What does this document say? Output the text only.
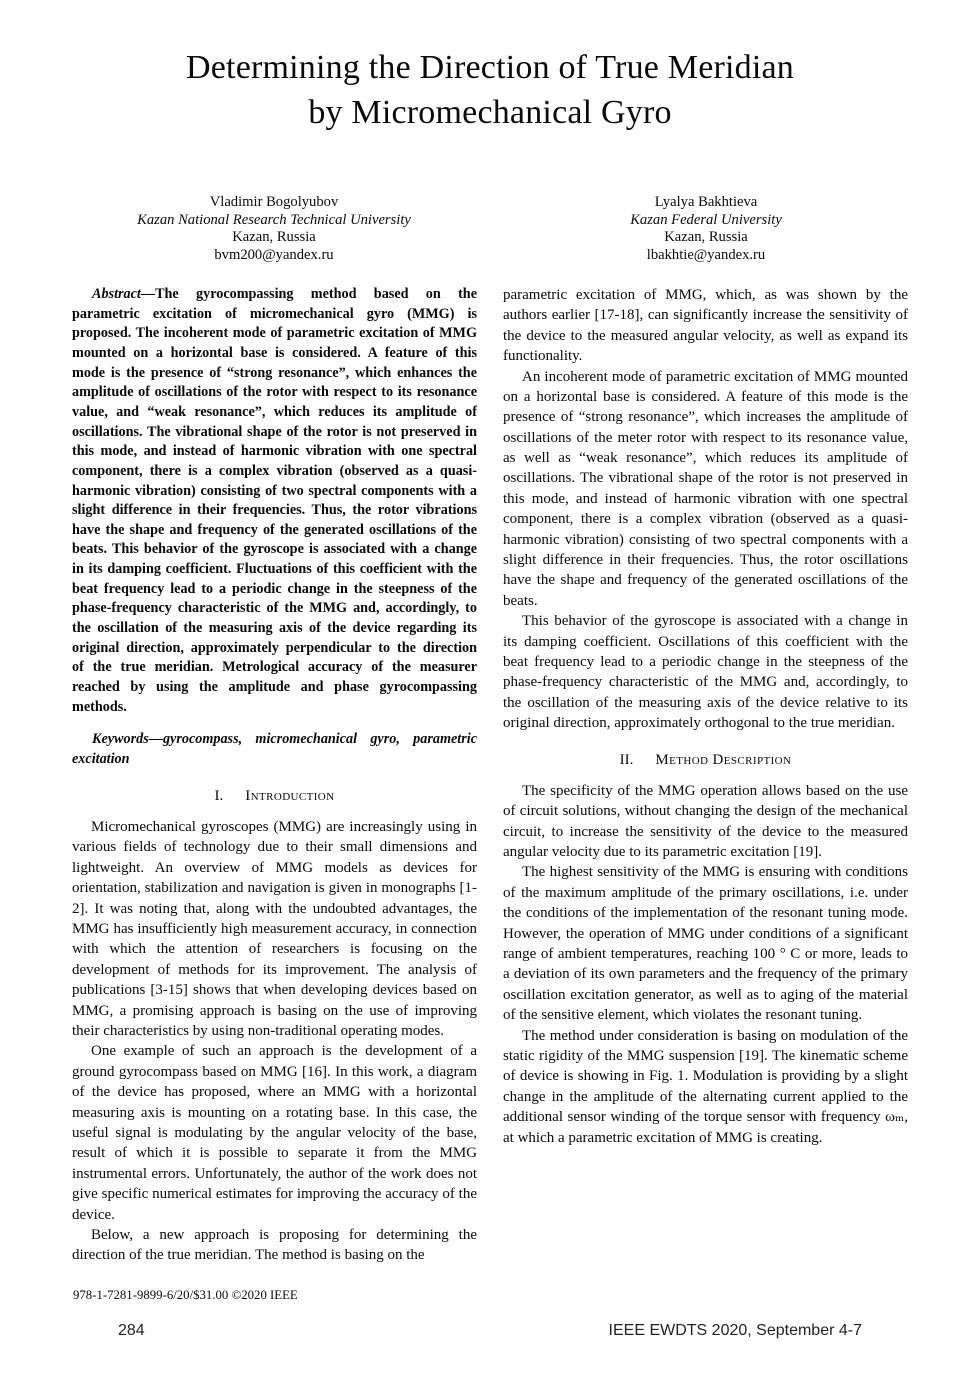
Determining the Direction of True Meridian
by Micromechanical Gyro
Vladimir Bogolyubov
Kazan National Research Technical University
Kazan, Russia
bvm200@yandex.ru
Lyalya Bakhtieva
Kazan Federal University
Kazan, Russia
lbakhtie@yandex.ru

Abstract—The gyrocompassing method based on the parametric excitation of micromechanical gyro (MMG) is proposed. The incoherent mode of parametric excitation of MMG mounted on a horizontal base is considered. A feature of this mode is the presence of “strong resonance”, which enhances the amplitude of oscillations of the rotor with respect to its resonance value, and “weak resonance”, which reduces its amplitude of oscillations. The vibrational shape of the rotor is not preserved in this mode, and instead of harmonic vibration with one spectral component, there is a complex vibration (observed as a quasi-harmonic vibration) consisting of two spectral components with a slight difference in their frequencies. Thus, the rotor vibrations have the shape and frequency of the generated oscillations of the beats. This behavior of the gyroscope is associated with a change in its damping coefficient. Fluctuations of this coefficient with the beat frequency lead to a periodic change in the steepness of the phase-frequency characteristic of the MMG and, accordingly, to the oscillation of the measuring axis of the device regarding its original direction, approximately perpendicular to the direction of the true meridian. Metrological accuracy of the measurer reached by using the amplitude and phase gyrocompassing methods.

Keywords—gyrocompass, micromechanical gyro, parametric excitation

I. Introduction

Micromechanical gyroscopes (MMG) are increasingly using in various fields of technology due to their small dimensions and lightweight. An overview of MMG models as devices for orientation, stabilization and navigation is given in monographs [1-2]. It was noting that, along with the undoubted advantages, the MMG has insufficiently high measurement accuracy, in connection with which the attention of researchers is focusing on the development of methods for its improvement. The analysis of publications [3-15] shows that when developing devices based on MMG, a promising approach is basing on the use of improving their characteristics by using non-traditional operating modes.

One example of such an approach is the development of a ground gyrocompass based on MMG [16]. In this work, a diagram of the device has proposed, where an MMG with a horizontal measuring axis is mounting on a rotating base. In this case, the useful signal is modulating by the angular velocity of the base, result of which it is possible to separate it from the MMG instrumental errors. Unfortunately, the author of the work does not give specific numerical estimates for improving the accuracy of the device.

Below, a new approach is proposing for determining the direction of the true meridian. The method is basing on the

parametric excitation of MMG, which, as was shown by the authors earlier [17-18], can significantly increase the sensitivity of the device to the measured angular velocity, as well as expand its functionality.

An incoherent mode of parametric excitation of MMG mounted on a horizontal base is considered. A feature of this mode is the presence of “strong resonance”, which increases the amplitude of oscillations of the meter rotor with respect to its resonance value, as well as “weak resonance”, which reduces its amplitude of oscillations. The vibrational shape of the rotor is not preserved in this mode, and instead of harmonic vibration with one spectral component, there is a complex vibration (observed as a quasi-harmonic vibration) consisting of two spectral components with a slight difference in their frequencies. Thus, the rotor oscillations have the shape and frequency of the generated oscillations of the beats.

This behavior of the gyroscope is associated with a change in its damping coefficient. Oscillations of this coefficient with the beat frequency lead to a periodic change in the steepness of the phase-frequency characteristic of the MMG and, accordingly, to the oscillation of the measuring axis of the device relative to its original direction, approximately orthogonal to the true meridian.

II. Method Description

The specificity of the MMG operation allows based on the use of circuit solutions, without changing the design of the mechanical circuit, to increase the sensitivity of the device to the measured angular velocity due to its parametric excitation [19].

The highest sensitivity of the MMG is ensuring with conditions of the maximum amplitude of the primary oscillations, i.e. under the conditions of the implementation of the resonant tuning mode. However, the operation of MMG under conditions of a significant range of ambient temperatures, reaching 100 ° C or more, leads to a deviation of its own parameters and the frequency of the primary oscillation excitation generator, as well as to aging of the material of the sensitive element, which violates the resonant tuning.

The method under consideration is basing on modulation of the static rigidity of the MMG suspension [19]. The kinematic scheme of device is showing in Fig. 1. Modulation is providing by a slight change in the amplitude of the alternating current applied to the additional sensor winding of the torque sensor with frequency ωₘ, at which a parametric excitation of MMG is creating.

978-1-7281-9899-6/20/$31.00 ©2020 IEEE
284	IEEE EWDTS 2020, September 4-7
